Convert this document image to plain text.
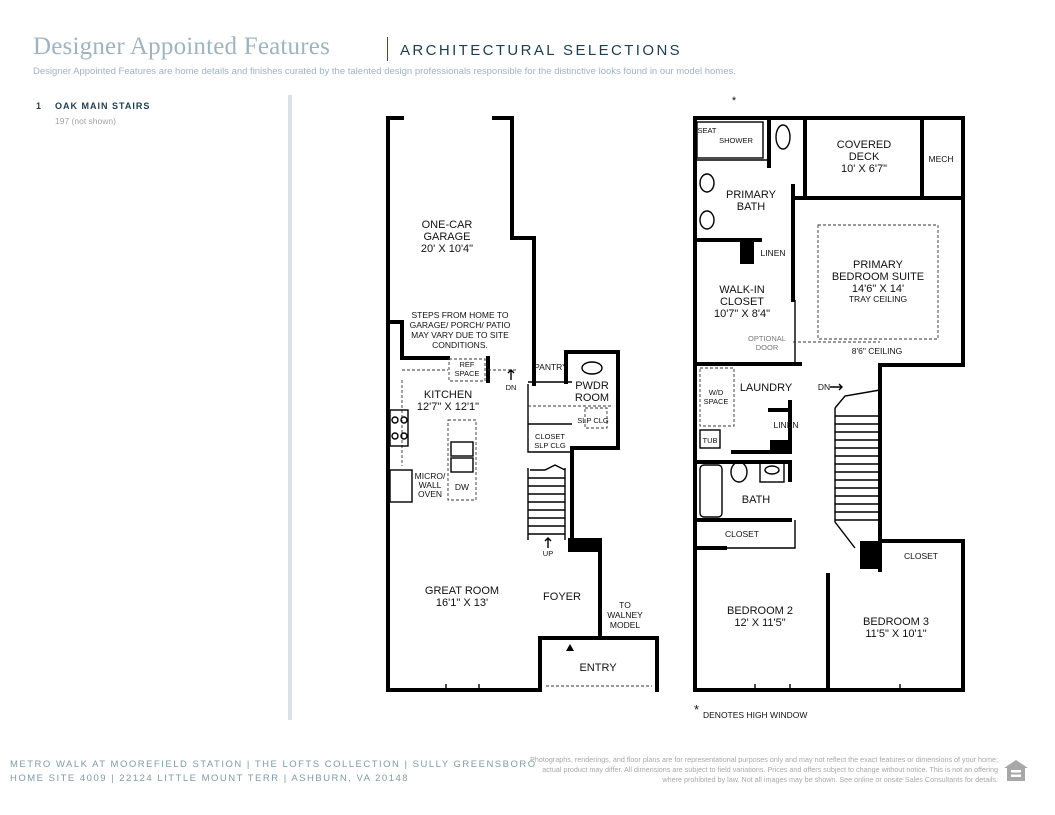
Designer Appointed Features	ARCHITECTURAL SELECTIONS
Designer Appointed Features are home details and finishes curated by the talented design professionals responsible for the distinctive looks found in our model homes.
1 OAK MAIN STAIRS
197 (not shown)
ONE-CAR
GARAGE
20' X 10'4"
STEPS FROM HOME TO
GARAGE/ PORCH/ PATIO
MAY VARY DUE TO SITE
CONDITIONS.
REF
SPACE
DN
PANTRY
PWDR
ROOM
SLP CLG
KITCHEN
12'7" X 12'1"
CLOSET
SLP CLG
MICRO/
WALL
OVEN
DW
UP
GREAT ROOM
16'1" X 13'	FOYER
TO
WALNEY
MODEL
ENTRY
*
SEAT
SHOWER	COVERED
DECK
10' X 6'7"
MECH
PRIMARY
BATH
LINEN
PRIMARY
BEDROOM SUITE
14'6" X 14'
TRAY CEILING
WALK-IN
CLOSET
10'7" X 8'4"
OPTIONAL
DOOR	8'6" CEILING
W/D
SPACE
LAUNDRY	DN
LINEN
TUB
BATH
CLOSET
CLOSET
BEDROOM 2
12' X 11'5"	BEDROOM 3
11'5" X 10'1"
* DENOTES HIGH WINDOW
METRO WALK AT MOOREFIELD STATION | THE LOFTS COLLECTION | SULLY GREENSBORO
HOME SITE 4009 | 22124 LITTLE MOUNT TERR | ASHBURN, VA 20148
Photographs, renderings, and floor plans are for representational purposes only and may not reflect the exact features or dimensions of your home; actual product may differ. All dimensions are subject to field variations. Prices and offers subject to change without notice. This is not an offering where prohibited by law. Not all images may be shown. See online or onsite Sales Consultants for details.
